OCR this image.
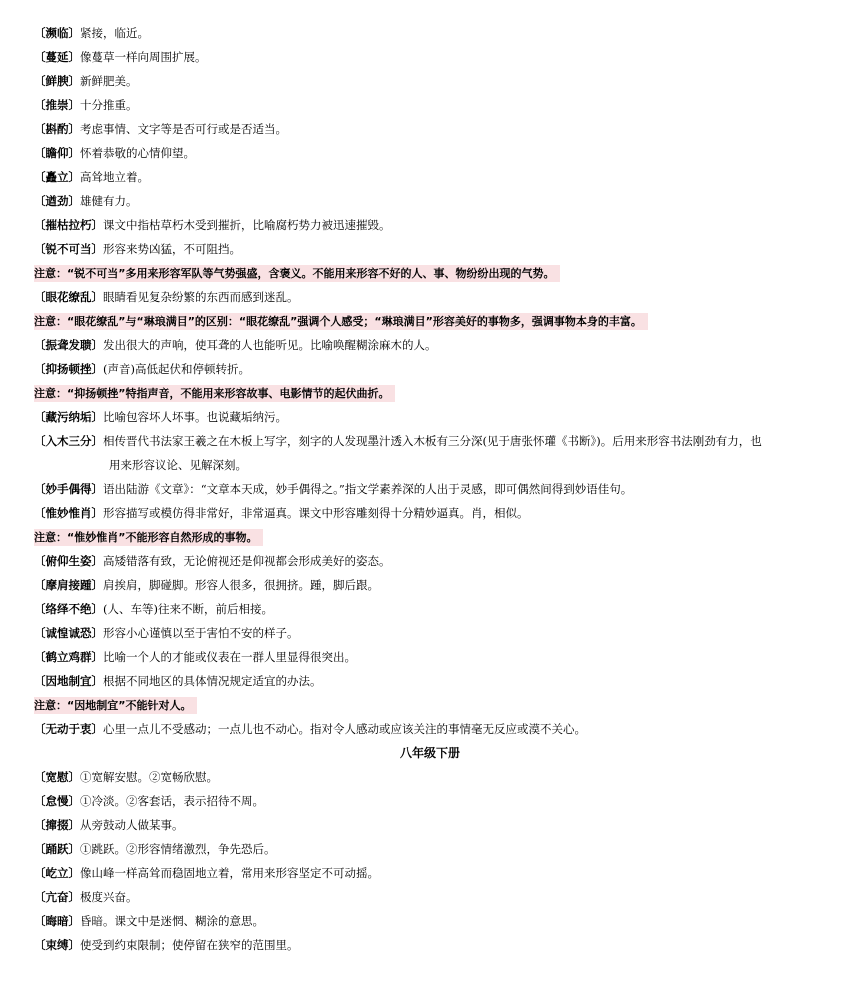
〔濒临〕紧接，临近。
〔蔓延〕像蔓草一样向周围扩展。
〔鲜腴〕新鲜肥美。
〔推崇〕十分推重。
〔斟酌〕考虑事情、文字等是否可行或是否适当。
〔瞻仰〕怀着恭敬的心情仰望。
〔矗立〕高耸地立着。
〔遒劲〕雄健有力。
〔摧枯拉朽〕课文中指枯草朽木受到摧折，比喻腐朽势力被迅速摧毁。
〔锐不可当〕形容来势凶猛，不可阻挡。
注意：“锐不可当”多用来形容军队等气势强盛，含褒义。不能用来形容不好的人、事、物纷纷出现的气势。
〔眼花缭乱〕眼睛看见复杂纷繁的东西而感到迷乱。
注意：“眼花缭乱”与“琳琅满目”的区别：“眼花缭乱”强调个人感受；“琳琅满目”形容美好的事物多，强调事物本身的丰富。
〔振聋发聩〕发出很大的声响，使耳聋的人也能听见。比喻唤醒糊涂麻木的人。
〔抑扬顿挫〕(声音)高低起伏和停顿转折。
注意：“抑扬顿挫”特指声音，不能用来形容故事、电影情节的起伏曲折。
〔藏污纳垢〕比喻包容坏人坏事。也说藏垢纳污。
〔入木三分〕相传晋代书法家王羲之在木板上写字，刻字的人发现墨汁透入木板有三分深(见于唐张怀瓘《书断》)。后用来形容书法刚劲有力，也
用来形容议论、见解深刻。
〔妙手偶得〕语出陆游《文章》：“文章本天成，妙手偶得之。”指文学素养深的人出于灵感，即可偶然间得到妙语佳句。
〔惟妙惟肖〕形容描写或模仿得非常好，非常逼真。课文中形容雕刻得十分精妙逼真。肖，相似。
注意：“惟妙惟肖”不能形容自然形成的事物。
〔俯仰生姿〕高矮错落有致，无论俯视还是仰视都会形成美好的姿态。
〔摩肩接踵〕肩挨肩，脚碰脚。形容人很多，很拥挤。踵，脚后跟。
〔络绎不绝〕(人、车等)往来不断，前后相接。
〔诚惶诚恐〕形容小心谨慎以至于害怕不安的样子。
〔鹤立鸡群〕比喻一个人的才能或仪表在一群人里显得很突出。
〔因地制宜〕根据不同地区的具体情况规定适宜的办法。
注意：“因地制宜”不能针对人。
〔无动于衷〕心里一点儿不受感动；一点儿也不动心。指对令人感动或应该关注的事情毫无反应或漠不关心。
八年级下册
〔宽慰〕①宽解安慰。②宽畅欣慰。
〔怠慢〕①冷淡。②客套话，表示招待不周。
〔撺掇〕从旁鼓动人做某事。
〔踊跃〕①跳跃。②形容情绪激烈，争先恐后。
〔屹立〕像山峰一样高耸而稳固地立着，常用来形容坚定不可动摇。
〔亢奋〕极度兴奋。
〔晦暗〕昏暗。课文中是迷惘、糊涂的意思。
〔束缚〕使受到约束限制；使停留在狭窄的范围里。
